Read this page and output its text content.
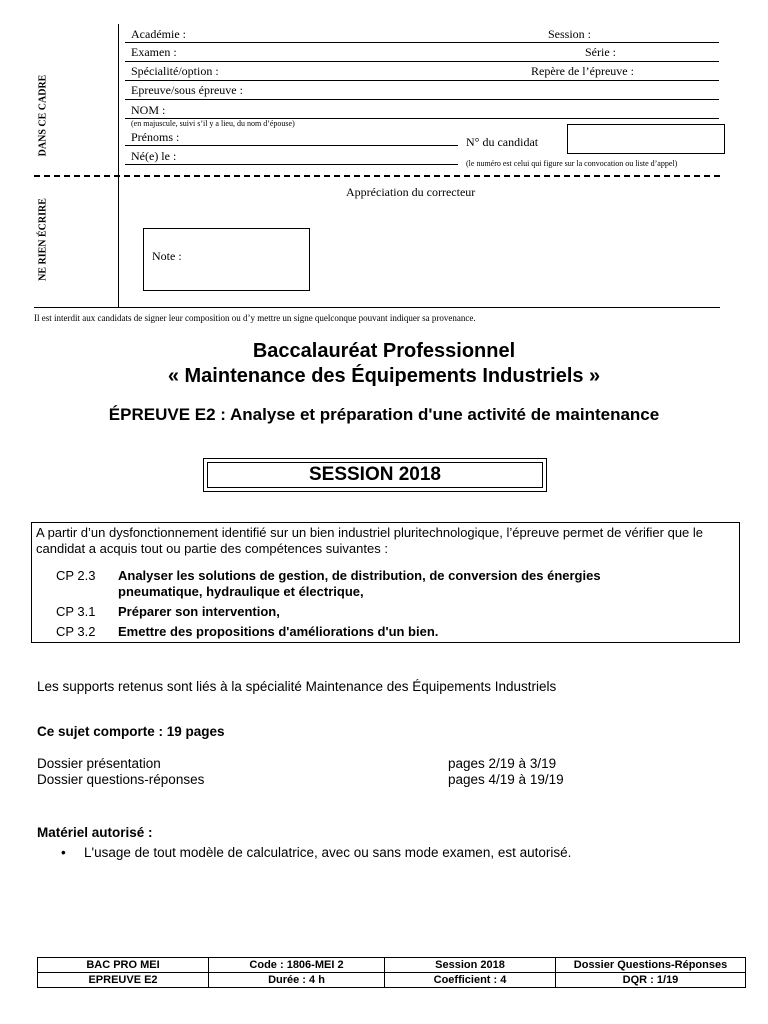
DANS CE CADRE
NE RIEN ÉCRIRE
Académie :	Session :
Examen :	Série :
Spécialité/option :	Repère de l’épreuve :
Epreuve/sous épreuve :
NOM :
(en majuscule, suivi s’il y a lieu, du nom d’épouse)
Prénoms :
Né(e) le :
N° du candidat
(le numéro est celui qui figure sur la convocation ou liste d’appel)
Appréciation du correcteur
Note :
Il est interdit aux candidats de signer leur composition ou d’y mettre un signe quelconque pouvant indiquer sa provenance.
Baccalauréat Professionnel
« Maintenance des Équipements Industriels »
ÉPREUVE E2 : Analyse et préparation d'une activité de maintenance
SESSION 2018
A partir d’un dysfonctionnement identifié sur un bien industriel pluritechnologique, l’épreuve permet de vérifier que le candidat a acquis tout ou partie des compétences suivantes :
CP 2.3 Analyser les solutions de gestion, de distribution, de conversion des énergies
pneumatique, hydraulique et électrique,
CP 3.1 Préparer son intervention,
CP 3.2 Emettre des propositions d'améliorations d'un bien.
Les supports retenus sont liés à la spécialité Maintenance des Équipements Industriels
Ce sujet comporte : 19 pages
Dossier présentation	pages 2/19 à 3/19
Dossier questions-réponses	pages 4/19 à 19/19
Matériel autorisé :
• L'usage de tout modèle de calculatrice, avec ou sans mode examen, est autorisé.
BAC PRO MEI	Code : 1806-MEI 2	Session 2018	Dossier Questions-Réponses
EPREUVE E2	Durée : 4 h	Coefficient : 4	DQR : 1/19
